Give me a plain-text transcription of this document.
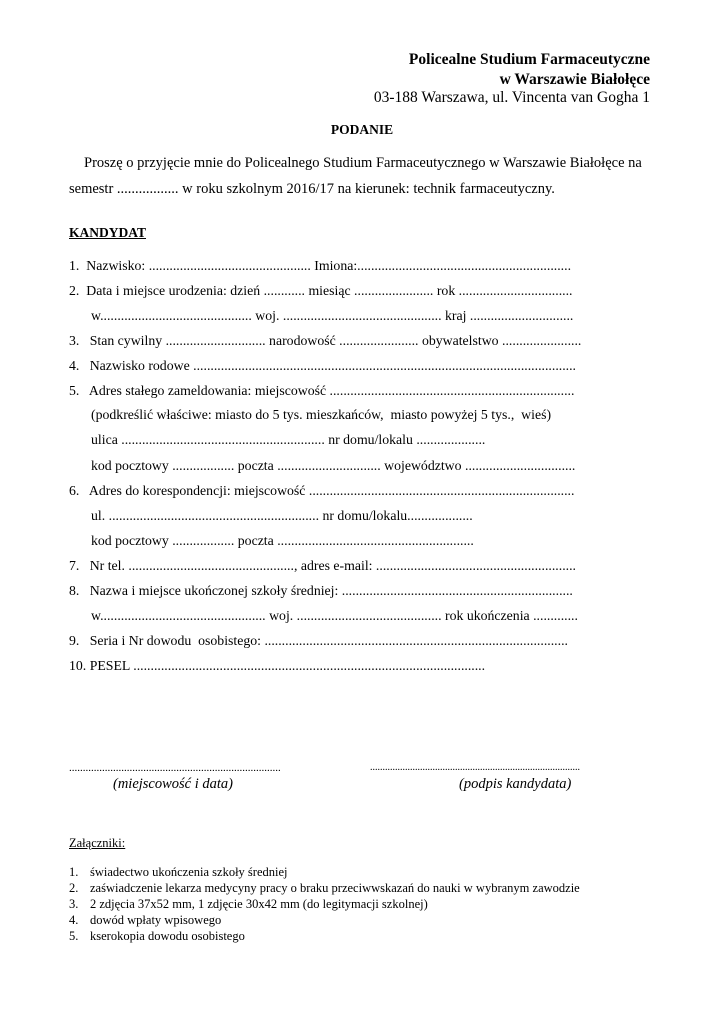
Policealne Studium Farmaceutyczne
w Warszawie Białołęce
03-188 Warszawa, ul. Vincenta van Gogha 1
PODANIE
Proszę o przyjęcie mnie do Policealnego Studium Farmaceutycznego w Warszawie Białołęce na
semestr ................. w roku szkolnym 2016/17 na kierunek: technik farmaceutyczny.
KANDYDAT
1.  Nazwisko: ............................................... Imiona:..............................................................
2.  Data i miejsce urodzenia: dzień ............ miesiąc ....................... rok .................................
w............................................ woj. .............................................. kraj ..............................
3.   Stan cywilny ............................. narodowość ....................... obywatelstwo .......................
4.   Nazwisko rodowe ...............................................................................................................
5.   Adres stałego zameldowania: miejscowość .......................................................................
(podkreślić właściwe: miasto do 5 tys. mieszkańców,  miasto powyżej 5 tys.,  wieś)
ulica ........................................................... nr domu/lokalu ....................
kod pocztowy .................. poczta .............................. województwo ................................
6.   Adres do korespondencji: miejscowość .............................................................................
ul. ............................................................. nr domu/lokalu...................
kod pocztowy .................. poczta .........................................................
7.   Nr tel. ................................................, adres e-mail: ..........................................................
8.   Nazwa i miejsce ukończonej szkoły średniej: ...................................................................
w................................................ woj. .......................................... rok ukończenia .............
9.   Seria i Nr dowodu  osobistego: ........................................................................................
10. PESEL ......................................................................................................
.............................................................................
(miejscowość i data)
....................................................................................
(podpis kandydata)
Załączniki:
1. świadectwo ukończenia szkoły średniej
2. zaświadczenie lekarza medycyny pracy o braku przeciwwskazań do nauki w wybranym zawodzie
3. 2 zdjęcia 37x52 mm, 1 zdjęcie 30x42 mm (do legitymacji szkolnej)
4. dowód wpłaty wpisowego
5. kserokopia dowodu osobistego
